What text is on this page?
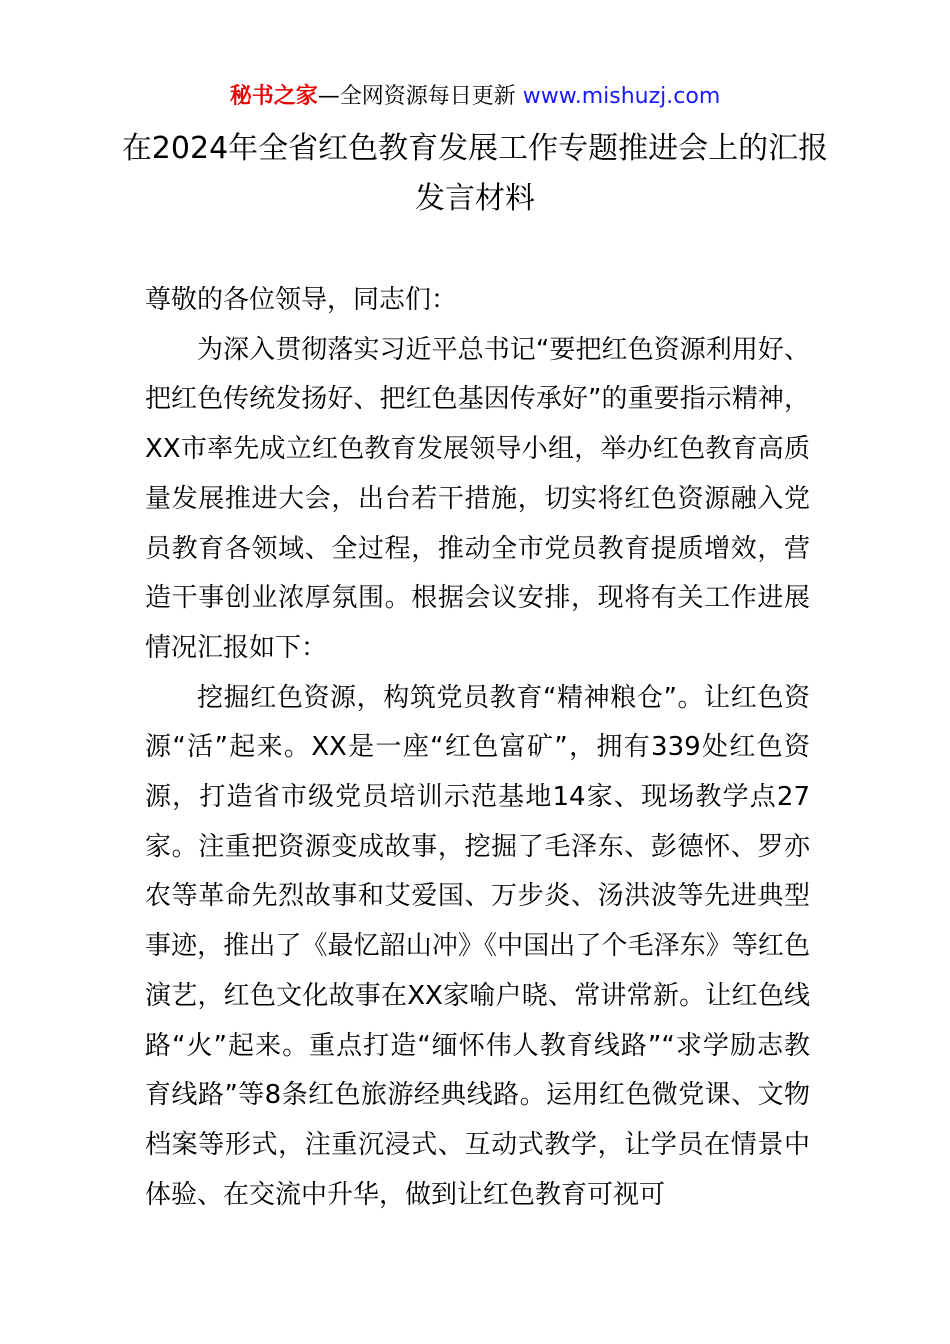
秘书之家—全网资源每日更新 www.mishuzj.com
在2024年全省红色教育发展工作专题推进会上的汇报发言材料

尊敬的各位领导，同志们：

为深入贯彻落实习近平总书记“要把红色资源利用好、把红色传统发扬好、把红色基因传承好”的重要指示精神，XX市率先成立红色教育发展领导小组，举办红色教育高质量发展推进大会，出台若干措施，切实将红色资源融入党员教育各领域、全过程，推动全市党员教育提质增效，营造干事创业浓厚氛围。根据会议安排，现将有关工作进展情况汇报如下：

挖掘红色资源，构筑党员教育“精神粮仓”。让红色资源“活”起来。XX是一座“红色富矿”，拥有339处红色资源，打造省市级党员培训示范基地14家、现场教学点27家。注重把资源变成故事，挖掘了毛泽东、彭德怀、罗亦农等革命先烈故事和艾爱国、万步炎、汤洪波等先进典型事迹，推出了《最忆韶山冲》《中国出了个毛泽东》等红色演艺，红色文化故事在XX家喻户晓、常讲常新。让红色线路“火”起来。重点打造“缅怀伟人教育线路”“求学励志教育线路”等8条红色旅游经典线路。运用红色微党课、文物档案等形式，注重沉浸式、互动式教学，让学员在情景中体验、在交流中升华，做到让红色教育可视可
